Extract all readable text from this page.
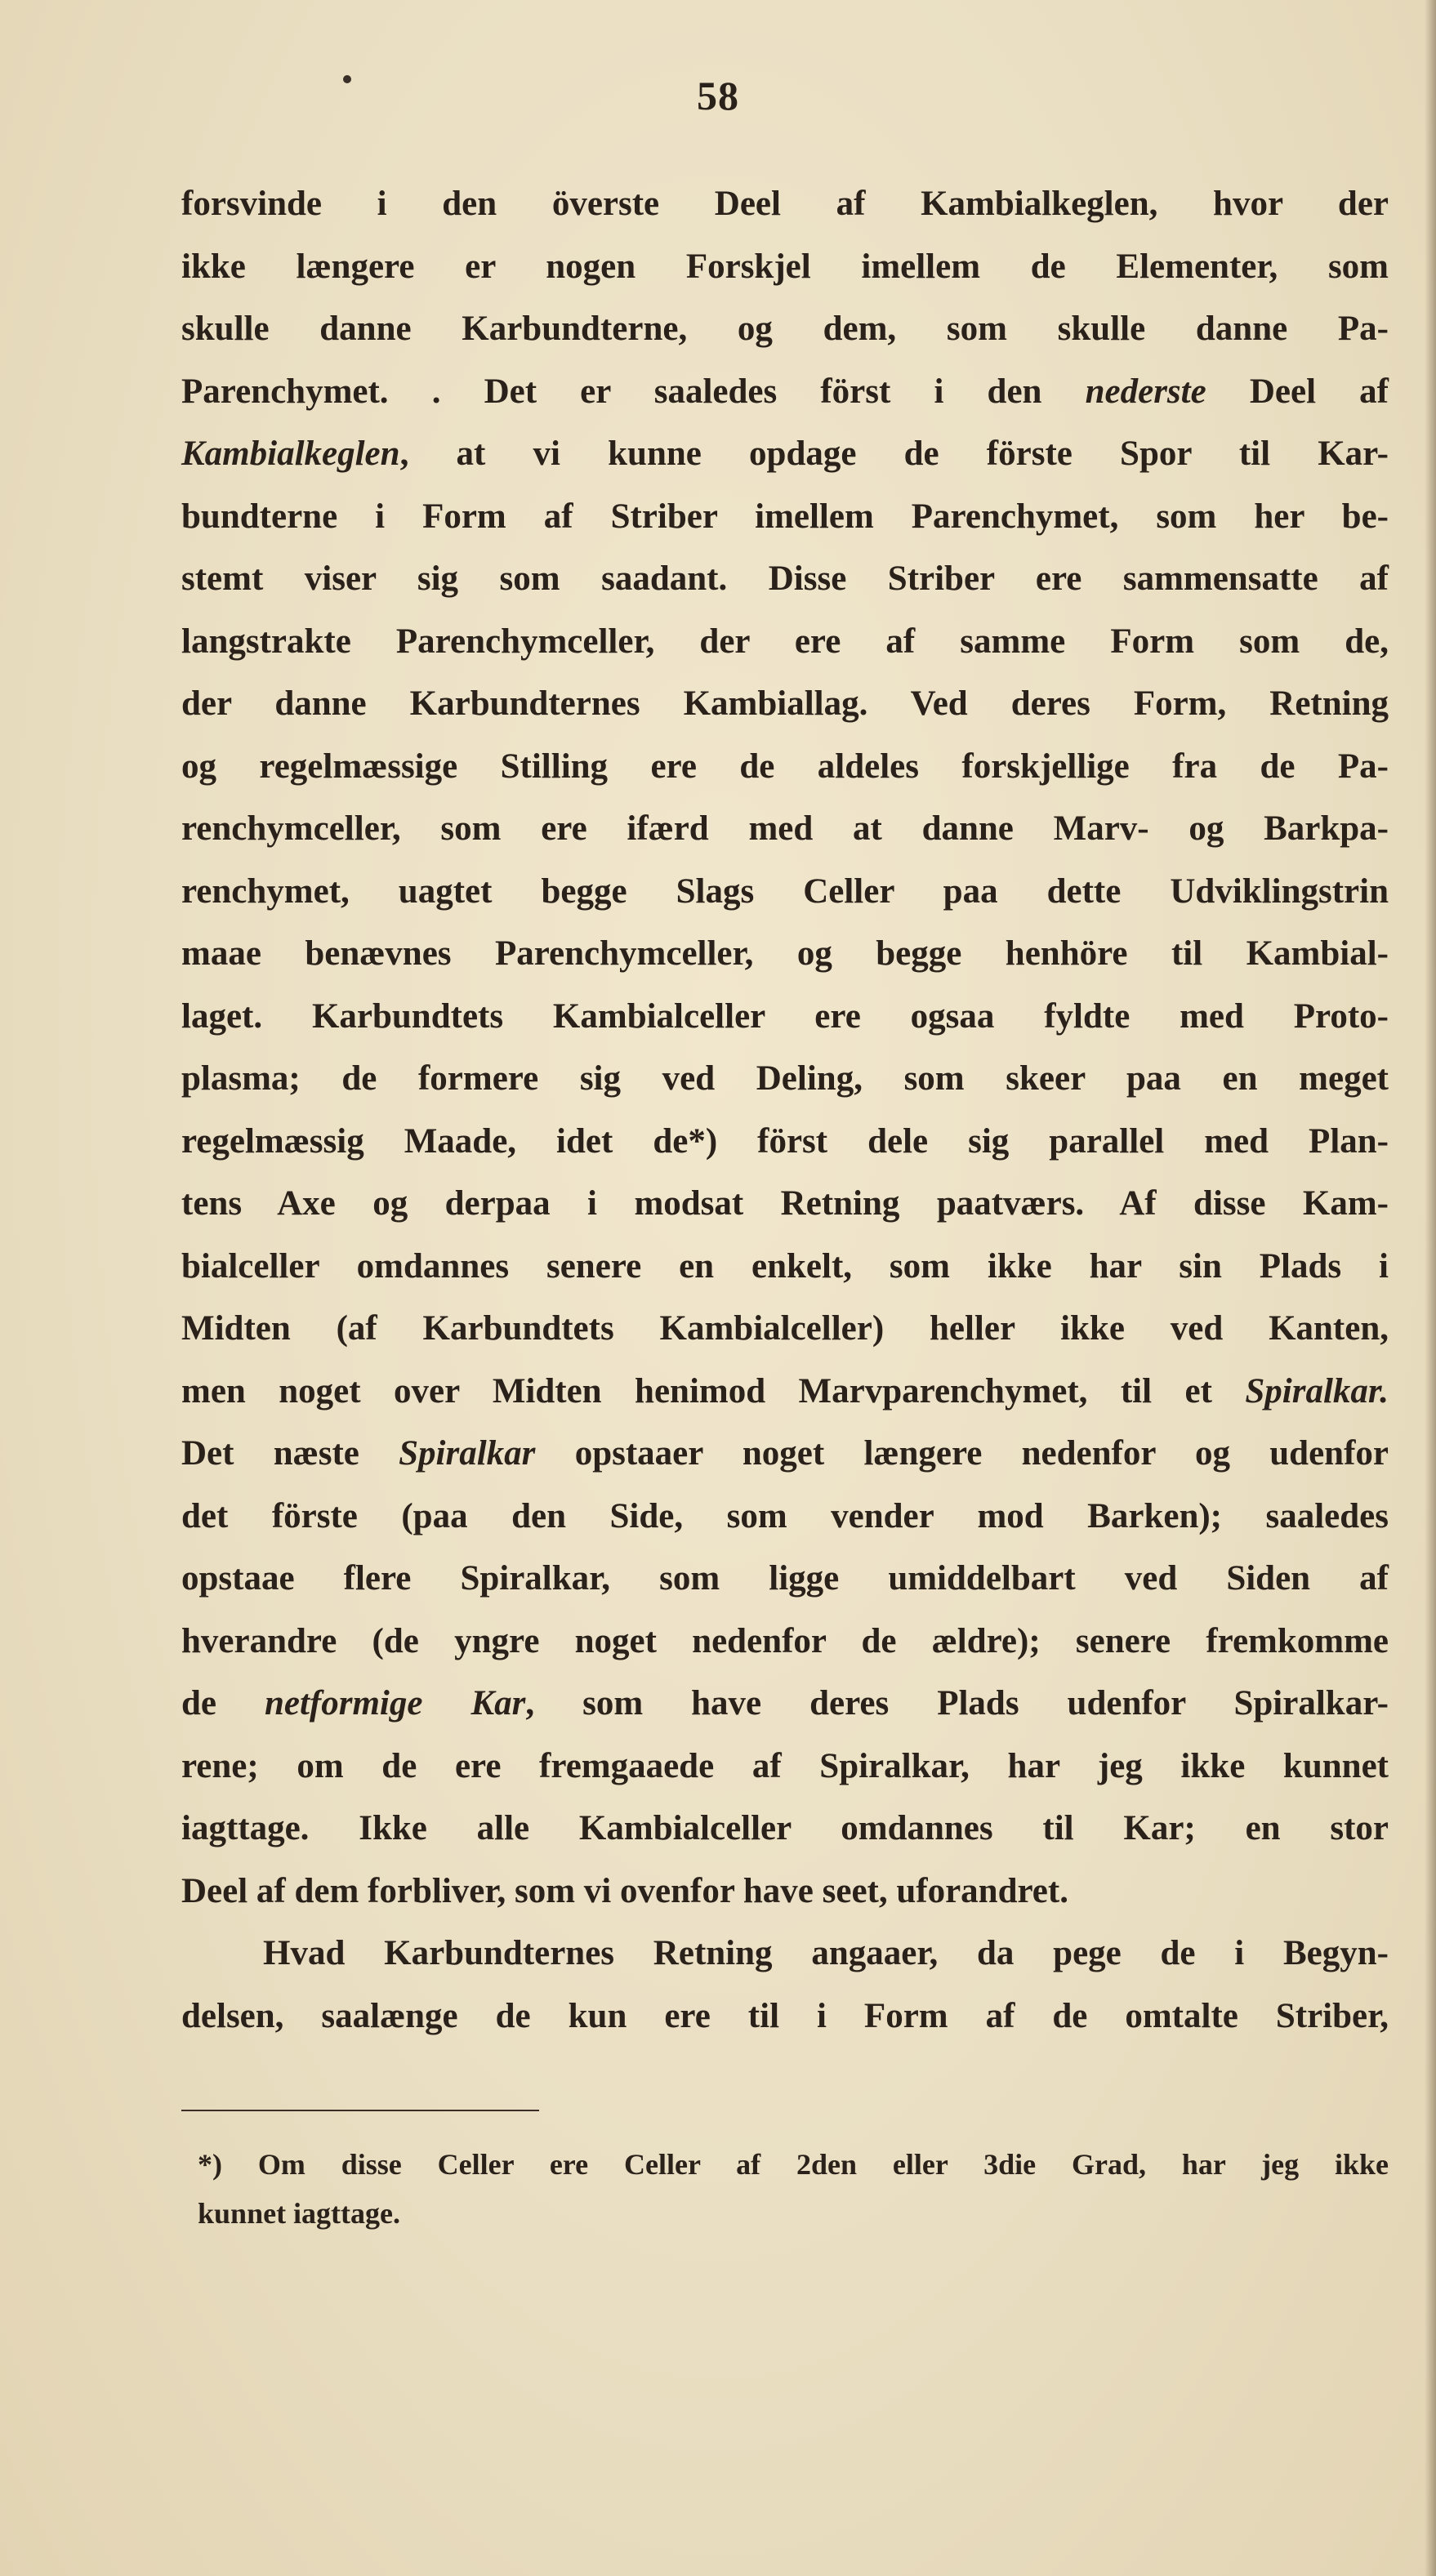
58
forsvinde i den överste Deel af Kambialkeglen, hvor der
ikke længere er nogen Forskjel imellem de Elementer, som
skulle danne Karbundterne, og dem, som skulle danne Pa-
Parenchymet. . Det er saaledes först i den nederste Deel af
Kambialkeglen, at vi kunne opdage de förste Spor til Kar-
bundterne i Form af Striber imellem Parenchymet, som her be-
stemt viser sig som saadant. Disse Striber ere sammensatte af
langstrakte Parenchymceller, der ere af samme Form som de,
der danne Karbundternes Kambiallag. Ved deres Form, Retning
og regelmæssige Stilling ere de aldeles forskjellige fra de Pa-
renchymceller, som ere ifærd med at danne Marv- og Barkpa-
renchymet, uagtet begge Slags Celler paa dette Udviklingstrin
maae benævnes Parenchymceller, og begge henhöre til Kambial-
laget. Karbundtets Kambialceller ere ogsaa fyldte med Proto-
plasma; de formere sig ved Deling, som skeer paa en meget
regelmæssig Maade, idet de*) först dele sig parallel med Plan-
tens Axe og derpaa i modsat Retning paatværs. Af disse Kam-
bialceller omdannes senere en enkelt, som ikke har sin Plads i
Midten (af Karbundtets Kambialceller) heller ikke ved Kanten,
men noget over Midten henimod Marvparenchymet, til et Spiralkar.
Det næste Spiralkar opstaaer noget længere nedenfor og udenfor
det förste (paa den Side, som vender mod Barken); saaledes
opstaae flere Spiralkar, som ligge umiddelbart ved Siden af
hverandre (de yngre noget nedenfor de ældre); senere fremkomme
de netformige Kar, som have deres Plads udenfor Spiralkar-
rene; om de ere fremgaaede af Spiralkar, har jeg ikke kunnet
iagttage. Ikke alle Kambialceller omdannes til Kar; en stor
Deel af dem forbliver, som vi ovenfor have seet, uforandret.
Hvad Karbundternes Retning angaaer, da pege de i Begyn-
delsen, saalænge de kun ere til i Form af de omtalte Striber,
*) Om disse Celler ere Celler af 2den eller 3die Grad, har jeg ikke
kunnet iagttage.
